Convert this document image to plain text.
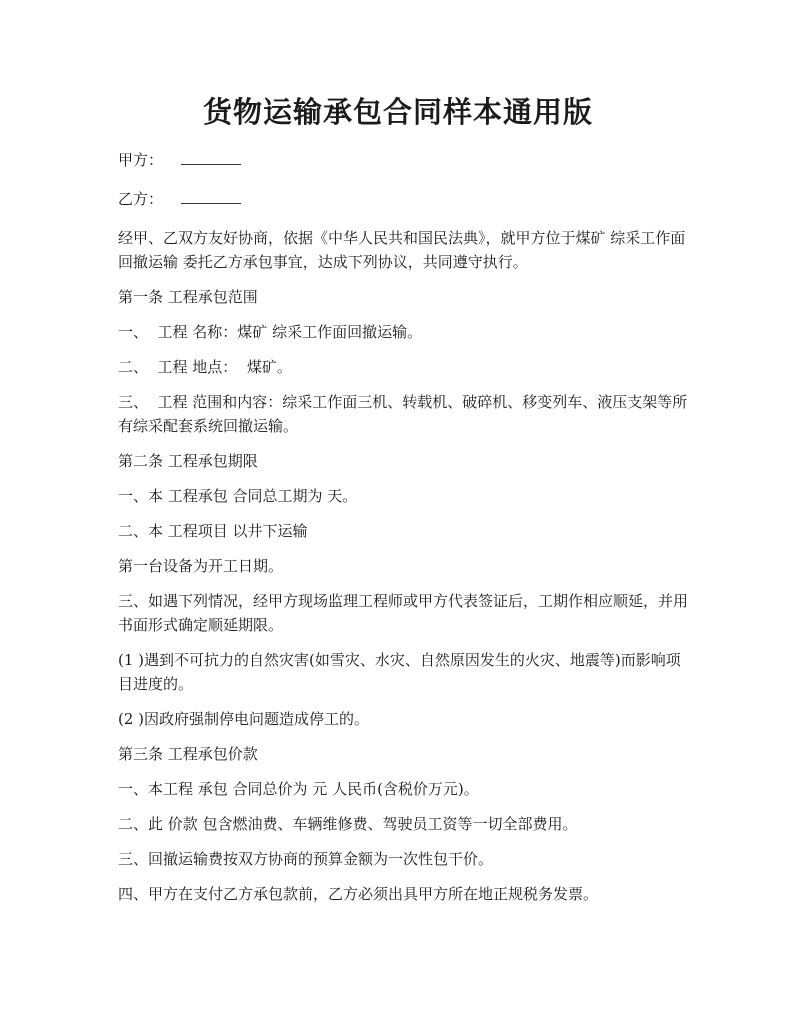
货物运输承包合同样本通用版

甲方：

乙方：

经甲、乙双方友好协商，依据《中华人民共和国民法典》，就甲方位于煤矿 综采工作面回撤运输 委托乙方承包事宜，达成下列协议，共同遵守执行。

第一条 工程承包范围

一、  工程 名称：煤矿 综采工作面回撤运输。

二、  工程 地点：  煤矿。

三、  工程 范围和内容：综采工作面三机、转载机、破碎机、移变列车、液压支架等所有综采配套系统回撤运输。

第二条 工程承包期限

一、本 工程承包 合同总工期为 天。

二、本 工程项目 以井下运输

第一台设备为开工日期。

三、如遇下列情况，经甲方现场监理工程师或甲方代表签证后，工期作相应顺延，并用书面形式确定顺延期限。

(1 )遇到不可抗力的自然灾害(如雪灾、水灾、自然原因发生的火灾、地震等)而影响项目进度的。

(2 )因政府强制停电问题造成停工的。

第三条 工程承包价款

一、本工程 承包 合同总价为 元 人民币(含税价万元)。

二、此 价款 包含燃油费、车辆维修费、驾驶员工资等一切全部费用。

三、回撤运输费按双方协商的预算金额为一次性包干价。

四、甲方在支付乙方承包款前，乙方必须出具甲方所在地正规税务发票。
